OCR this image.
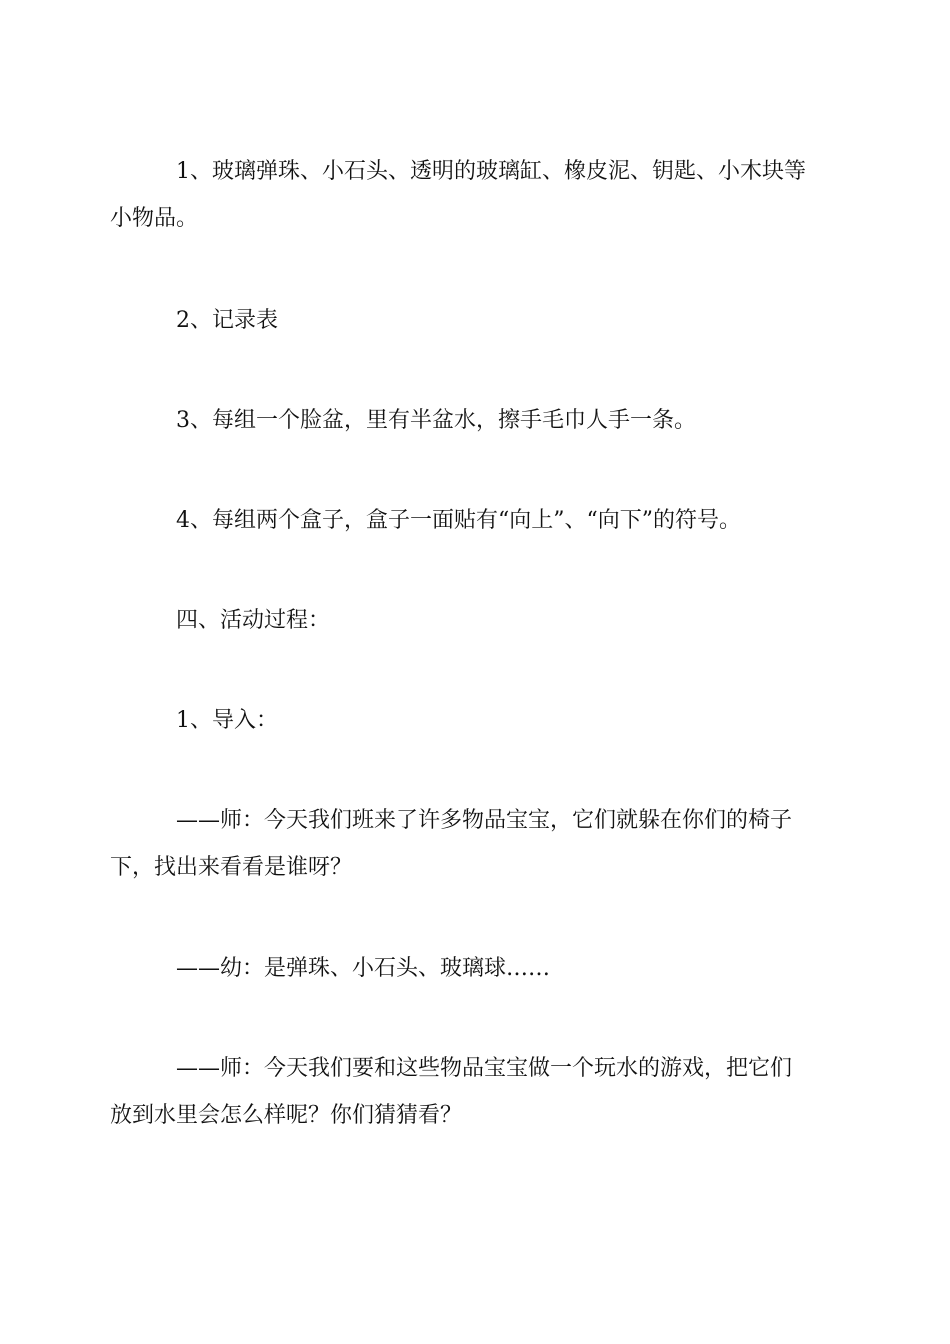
1、玻璃弹珠、小石头、透明的玻璃缸、橡皮泥、钥匙、小木块等
小物品。

2、记录表

3、每组一个脸盆，里有半盆水，擦手毛巾人手一条。

4、每组两个盒子，盒子一面贴有“向上”、“向下”的符号。

四、活动过程：

1、导入：

——师：今天我们班来了许多物品宝宝，它们就躲在你们的椅子
下，找出来看看是谁呀？

——幼：是弹珠、小石头、玻璃球……

——师：今天我们要和这些物品宝宝做一个玩水的游戏，把它们
放到水里会怎么样呢？你们猜猜看？
